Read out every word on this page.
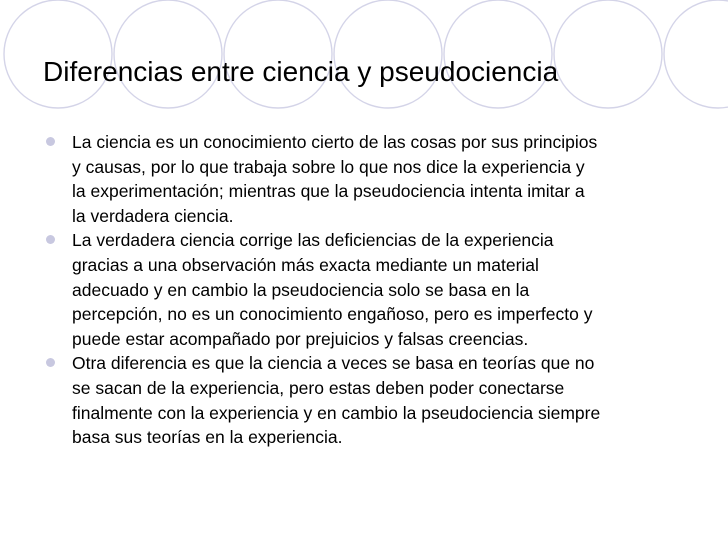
Diferencias entre ciencia y pseudociencia
La ciencia es un conocimiento cierto de las cosas por sus principios
y causas, por lo que trabaja sobre lo que nos dice la experiencia y
la experimentación; mientras que la pseudociencia intenta imitar a
la verdadera ciencia.
La verdadera ciencia corrige las deficiencias de la experiencia
gracias a una observación más exacta mediante un material
adecuado y en cambio la pseudociencia solo se basa en la
percepción, no es un conocimiento engañoso, pero es imperfecto y
puede estar acompañado por prejuicios y falsas creencias.
Otra diferencia es que la ciencia a veces se basa en teorías que no
se sacan de la experiencia, pero estas deben poder conectarse
finalmente con la experiencia y en cambio la pseudociencia siempre
basa sus teorías en la experiencia.
